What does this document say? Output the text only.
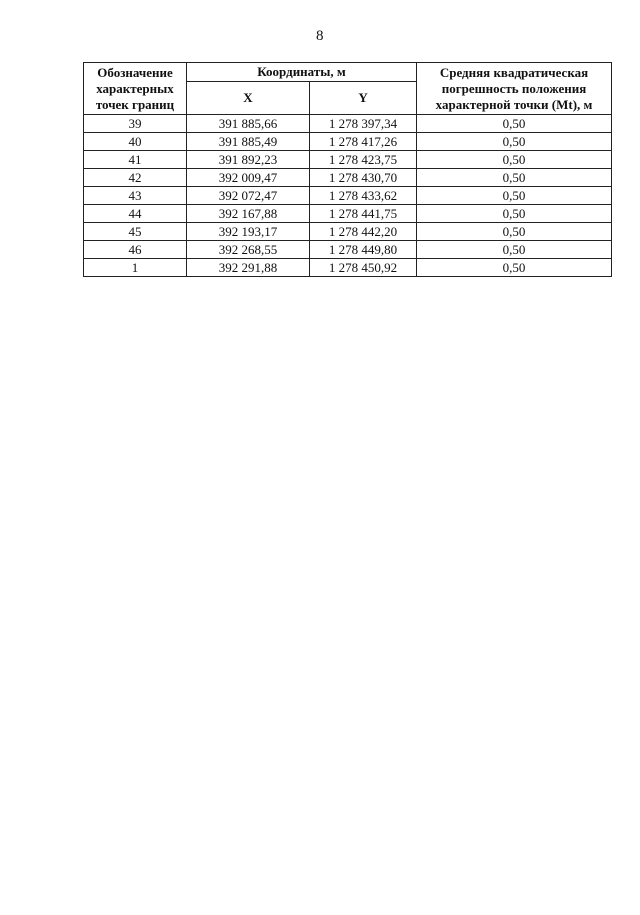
8
Обозначение
характерных
точек границ	Координаты, м		Средняя квадратическая
погрешность положения
характерной точки (Mt), м

	X	Y	
39	391 885,66	1 278 397,34	0,50
40	391 885,49	1 278 417,26	0,50
41	391 892,23	1 278 423,75	0,50
42	392 009,47	1 278 430,70	0,50
43	392 072,47	1 278 433,62	0,50
44	392 167,88	1 278 441,75	0,50
45	392 193,17	1 278 442,20	0,50
46	392 268,55	1 278 449,80	0,50
1	392 291,88	1 278 450,92	0,50
